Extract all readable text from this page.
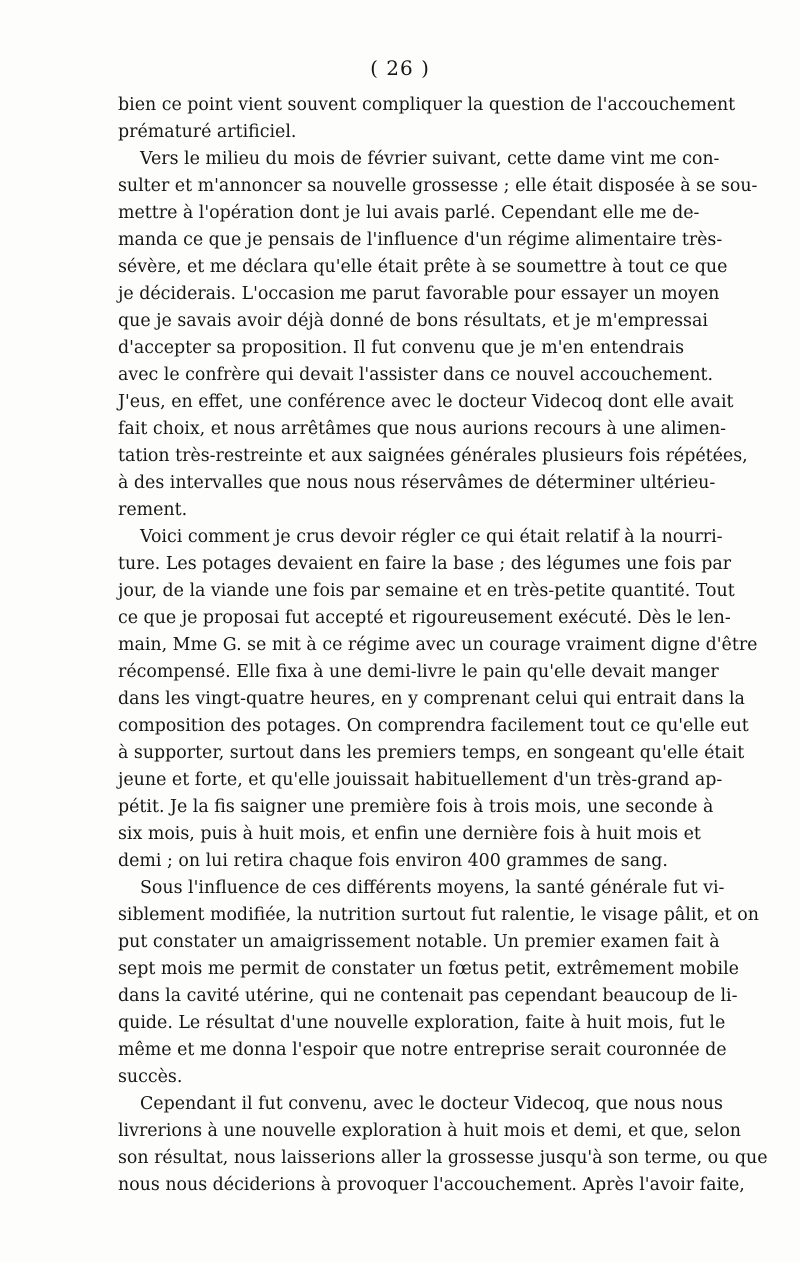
( 26 )
bien ce point vient souvent compliquer la question de l'accouchement
prématuré artificiel.
Vers le milieu du mois de février suivant, cette dame vint me con-
sulter et m'annoncer sa nouvelle grossesse ; elle était disposée à se sou-
mettre à l'opération dont je lui avais parlé. Cependant elle me de-
manda ce que je pensais de l'influence d'un régime alimentaire très-
sévère, et me déclara qu'elle était prête à se soumettre à tout ce que
je déciderais. L'occasion me parut favorable pour essayer un moyen
que je savais avoir déjà donné de bons résultats, et je m'empressai
d'accepter sa proposition. Il fut convenu que je m'en entendrais
avec le confrère qui devait l'assister dans ce nouvel accouchement.
J'eus, en effet, une conférence avec le docteur Videcoq dont elle avait
fait choix, et nous arrêtâmes que nous aurions recours à une alimen-
tation très-restreinte et aux saignées générales plusieurs fois répétées,
à des intervalles que nous nous réservâmes de déterminer ultérieu-
rement.
Voici comment je crus devoir régler ce qui était relatif à la nourri-
ture. Les potages devaient en faire la base ; des légumes une fois par
jour, de la viande une fois par semaine et en très-petite quantité. Tout
ce que je proposai fut accepté et rigoureusement exécuté. Dès le len-
main, Mme G. se mit à ce régime avec un courage vraiment digne d'être
récompensé. Elle fixa à une demi-livre le pain qu'elle devait manger
dans les vingt-quatre heures, en y comprenant celui qui entrait dans la
composition des potages. On comprendra facilement tout ce qu'elle eut
à supporter, surtout dans les premiers temps, en songeant qu'elle était
jeune et forte, et qu'elle jouissait habituellement d'un très-grand ap-
pétit. Je la fis saigner une première fois à trois mois, une seconde à
six mois, puis à huit mois, et enfin une dernière fois à huit mois et
demi ; on lui retira chaque fois environ 400 grammes de sang.
Sous l'influence de ces différents moyens, la santé générale fut vi-
siblement modifiée, la nutrition surtout fut ralentie, le visage pâlit, et on
put constater un amaigrissement notable. Un premier examen fait à
sept mois me permit de constater un fœtus petit, extrêmement mobile
dans la cavité utérine, qui ne contenait pas cependant beaucoup de li-
quide. Le résultat d'une nouvelle exploration, faite à huit mois, fut le
même et me donna l'espoir que notre entreprise serait couronnée de
succès.
Cependant il fut convenu, avec le docteur Videcoq, que nous nous
livrerions à une nouvelle exploration à huit mois et demi, et que, selon
son résultat, nous laisserions aller la grossesse jusqu'à son terme, ou que
nous nous déciderions à provoquer l'accouchement. Après l'avoir faite,
